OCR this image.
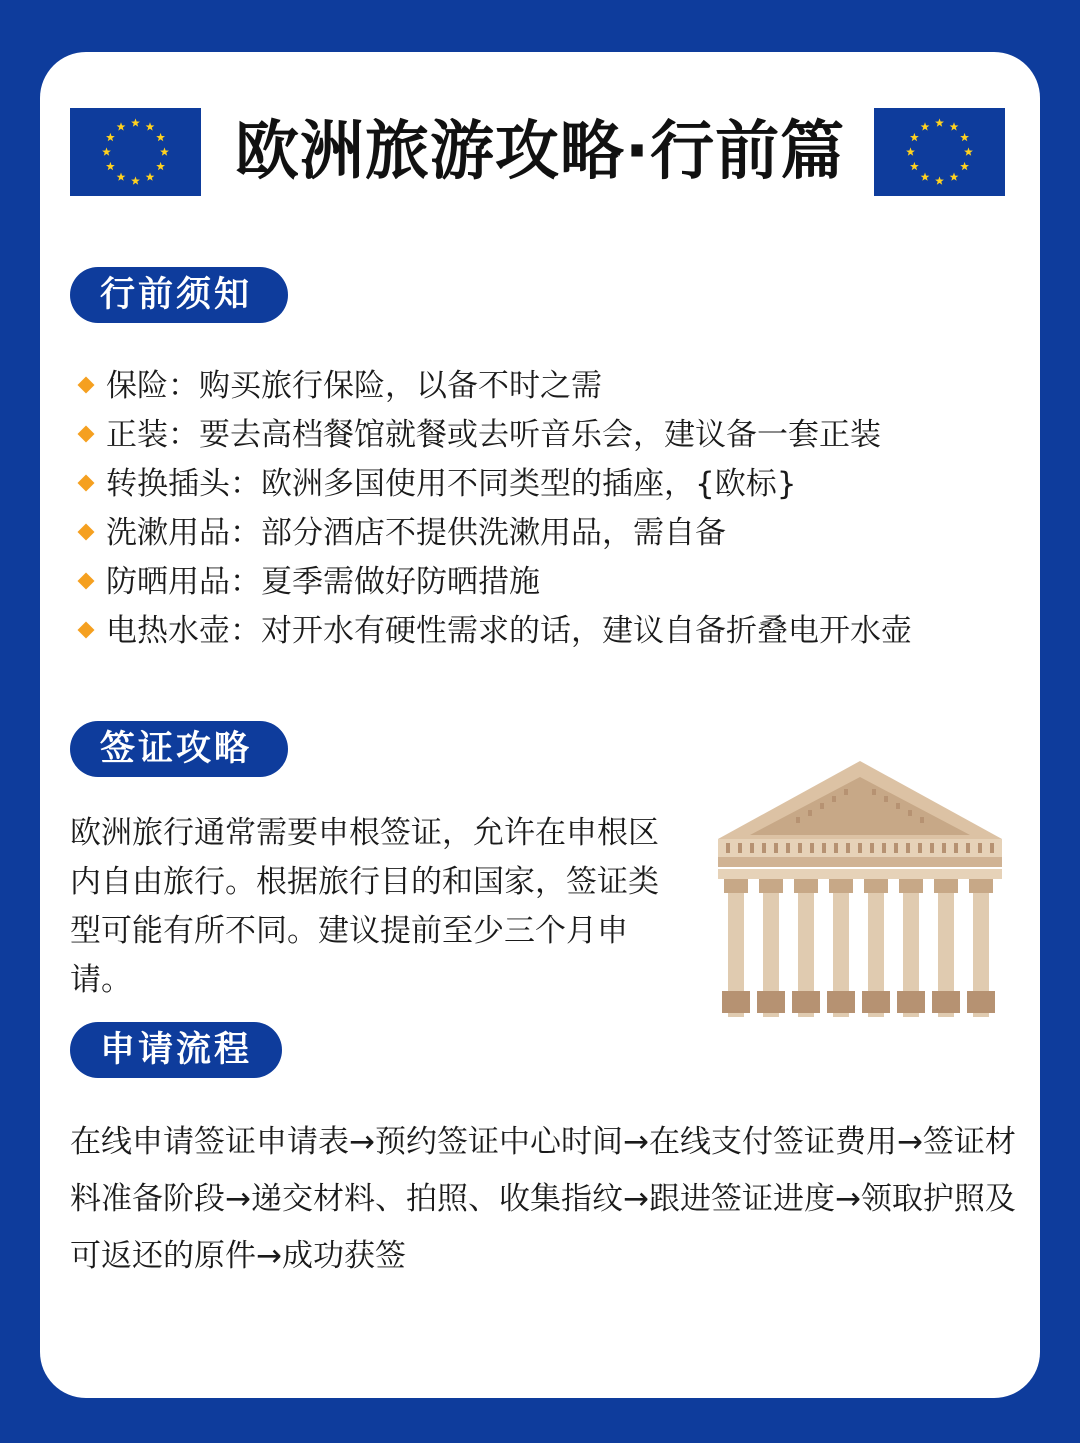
欧洲旅游攻略·行前篇
行前须知
保险：购买旅行保险，以备不时之需
正装：要去高档餐馆就餐或去听音乐会，建议备一套正装
转换插头：欧洲多国使用不同类型的插座，{欧标}
洗漱用品：部分酒店不提供洗漱用品，需自备
防晒用品：夏季需做好防晒措施
电热水壶：对开水有硬性需求的话，建议自备折叠电开水壶
签证攻略
欧洲旅行通常需要申根签证，允许在申根区内自由旅行。根据旅行目的和国家，签证类型可能有所不同。建议提前至少三个月申请。
申请流程
在线申请签证申请表→预约签证中心时间→在线支付签证费用→签证材料准备阶段→递交材料、拍照、收集指纹→跟进签证进度→领取护照及可返还的原件→成功获签
